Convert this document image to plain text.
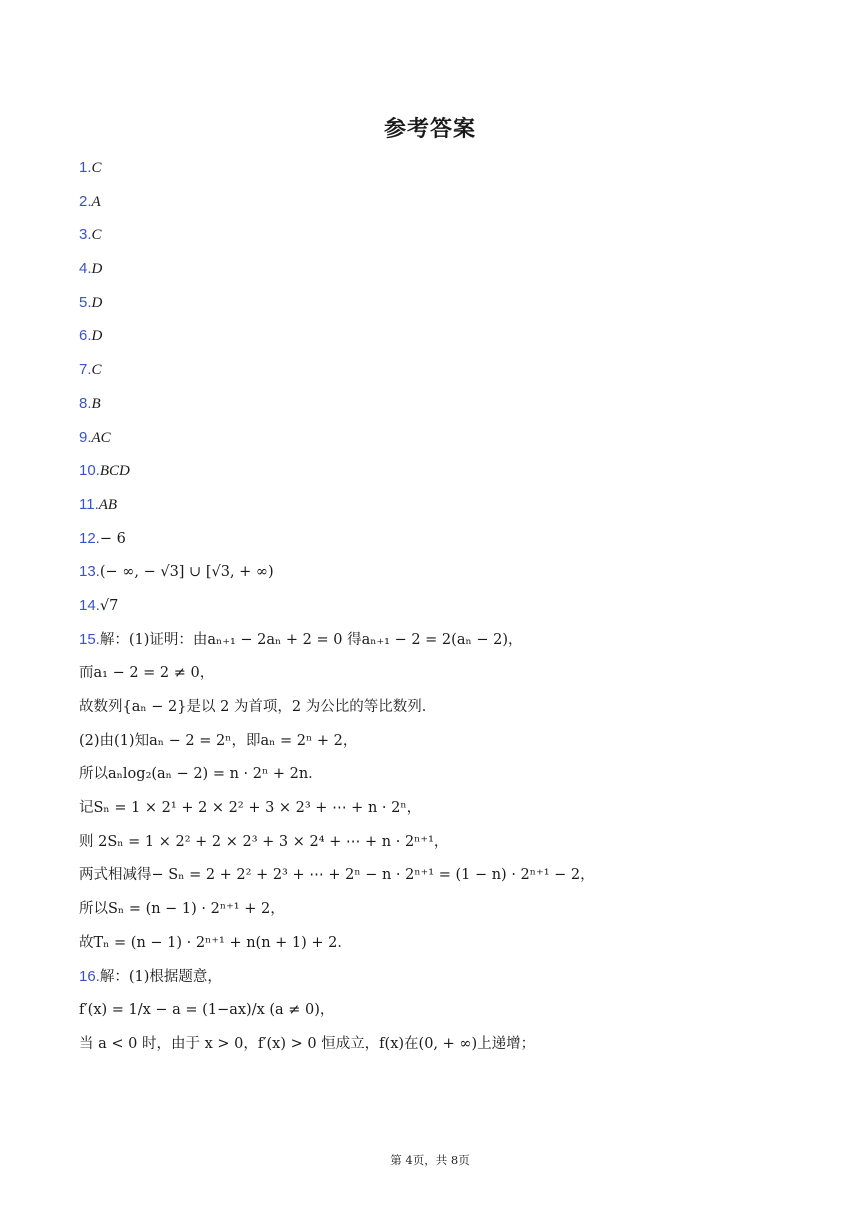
参考答案
1.C
2.A
3.C
4.D
5.D
6.D
7.C
8.B
9.AC
10.BCD
11.AB
12.− 6
13.(− ∞, − √3] ∪ [√3, + ∞)
14.√7
15.解：(1)证明：由aₙ₊₁ − 2aₙ + 2 = 0 得aₙ₊₁ − 2 = 2(aₙ − 2)，
而a₁ − 2 = 2 ≠ 0，
故数列{aₙ − 2}是以 2 为首项，2 为公比的等比数列．
(2)由(1)知aₙ − 2 = 2ⁿ，即aₙ = 2ⁿ + 2，
所以aₙlog₂(aₙ − 2) = n · 2ⁿ + 2n．
记Sₙ = 1 × 2¹ + 2 × 2² + 3 × 2³ + ⋯ + n · 2ⁿ，
则 2Sₙ = 1 × 2² + 2 × 2³ + 3 × 2⁴ + ⋯ + n · 2ⁿ⁺¹，
两式相减得− Sₙ = 2 + 2² + 2³ + ⋯ + 2ⁿ − n · 2ⁿ⁺¹ = (1 − n) · 2ⁿ⁺¹ − 2，
所以Sₙ = (n − 1) · 2ⁿ⁺¹ + 2，
故Tₙ = (n − 1) · 2ⁿ⁺¹ + n(n + 1) + 2．
16.解：(1)根据题意，
f′(x) = 1/x − a = (1−ax)/x (a ≠ 0)，
当 a < 0 时，由于 x > 0，f′(x) > 0 恒成立，f(x)在(0, + ∞)上递增；
第 4页，共 8页
